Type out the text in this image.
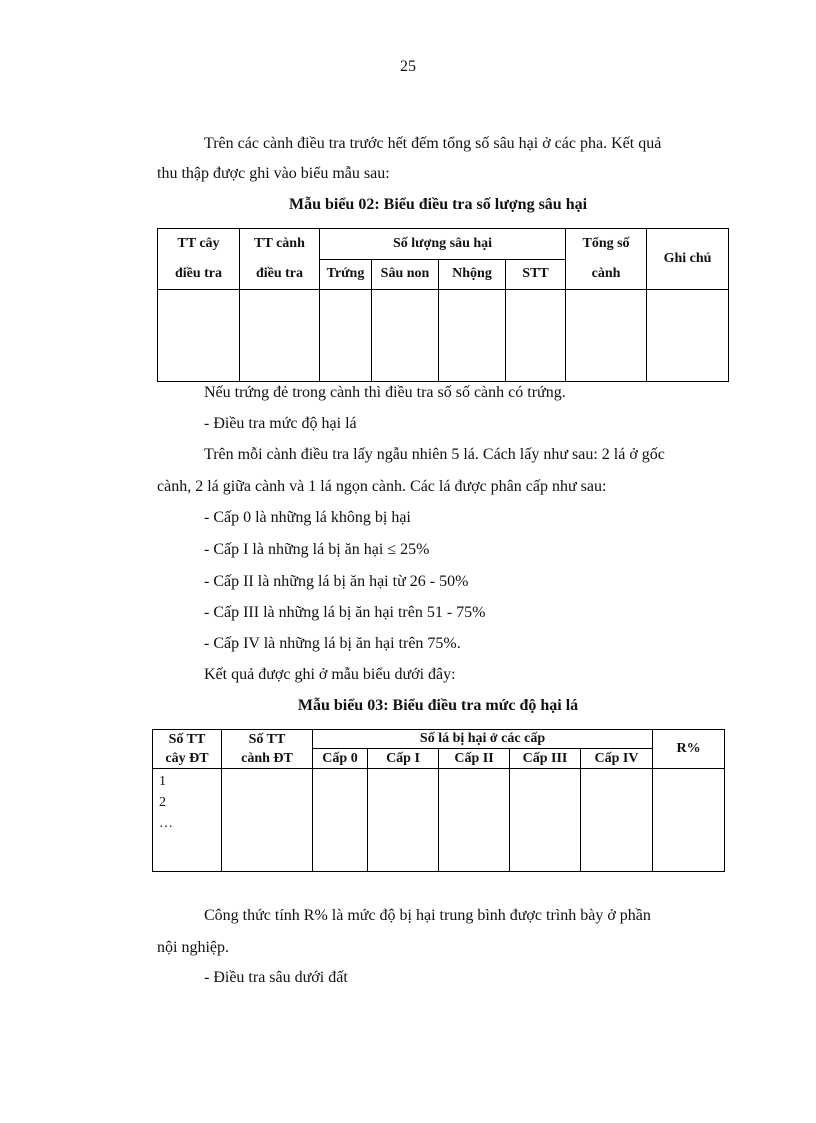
25

Trên các cành điều tra trước hết đếm tổng số sâu hại ở các pha. Kết quả

thu thập được ghi vào biểu mẫu sau:

Mẫu biểu 02: Biểu điều tra số lượng sâu hại
TT cây điều tra	TT cành điều tra	Số lượng sâu hại				Tổng số cành	Ghi chú
		Trứng	Sâu non	Nhộng	STT		

Nếu trứng đẻ trong cành thì điều tra số số cành có trứng.

- Điều tra mức độ hại lá

Trên mỗi cành điều tra lấy ngẫu nhiên 5 lá. Cách lấy như sau: 2 lá ở gốc

cành, 2 lá giữa cành và 1 lá ngọn cành. Các lá được phân cấp như sau:

- Cấp 0 là những lá không bị hại

- Cấp I là những lá bị ăn hại ≤ 25%

- Cấp II là những lá bị ăn hại từ 26 - 50%

- Cấp III là những lá bị ăn hại trên 51 - 75%

- Cấp IV là những lá bị ăn hại trên 75%.

Kết quả được ghi ở mẫu biểu dưới đây:

Mẫu biểu 03: Biểu điều tra mức độ hại lá
Số TT cây ĐT	Số TT cành ĐT	Số lá bị hại ở các cấp					R%
		Cấp 0	Cấp I	Cấp II	Cấp III	Cấp IV	

1
2
…							

Công thức tính R% là mức độ bị hại trung bình được trình bày ở phần

nội nghiệp.

- Điều tra sâu dưới đất
